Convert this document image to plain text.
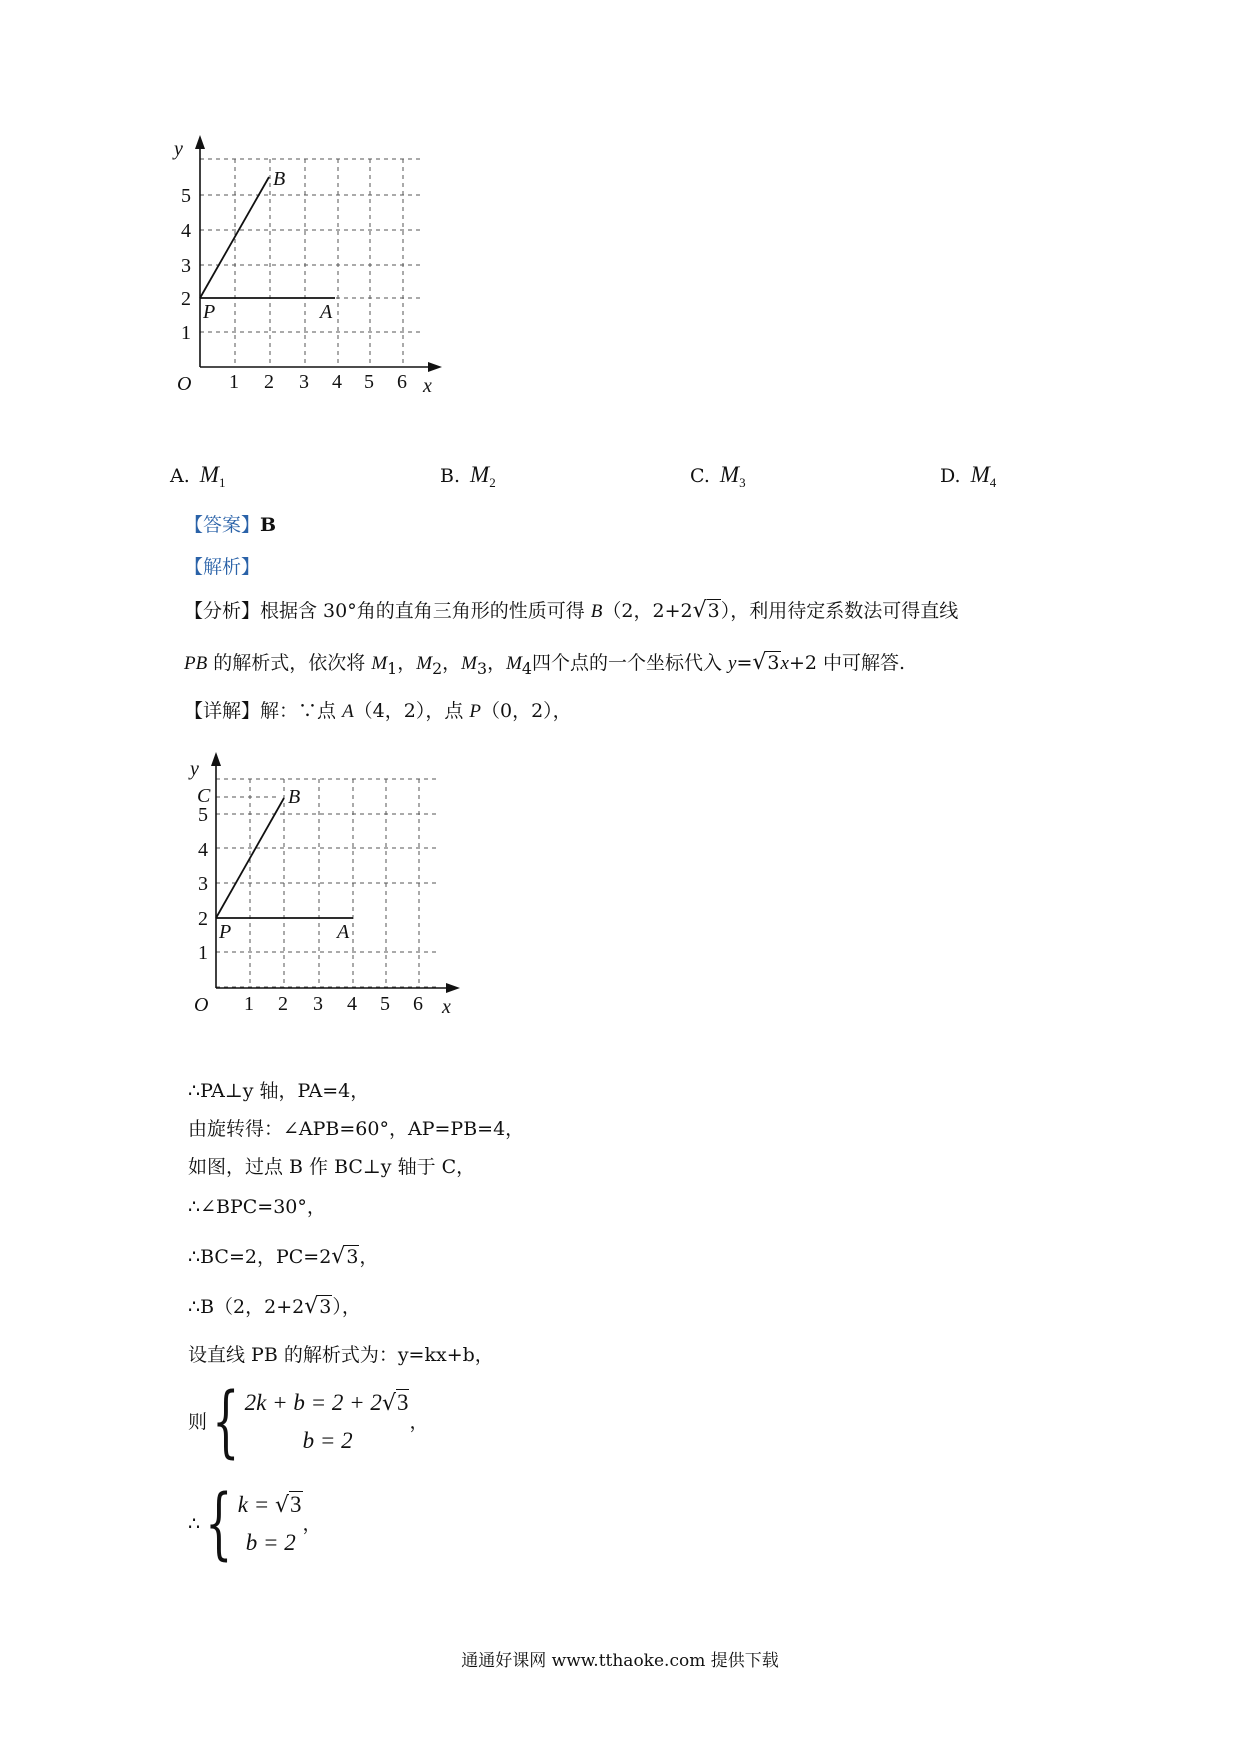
y
x
O 1 2 3 4 5 6
1
2
3
4
5
P	A
B
A. $M_1$	B. $M_2$	C. $M_3$	D. $M_4$
【答案】B
【解析】
【分析】根据含 30°角的直角三角形的性质可得 B（2，2+2√3），利用待定系数法可得直线
PB 的解析式，依次将 $M_1$，$M_2$，$M_3$，$M_4$四个点的一个坐标代入 y=√3x+2 中可解答.
【详解】解：∵点 A（4，2），点 P（0，2），
y
x
O 1 2 3 4 5 6
1
2
3
4
5
C
P	A
B
∴PA⊥y 轴，PA=4，
由旋转得：∠APB=60°，AP=PB=4，
如图，过点 B 作 BC⊥y 轴于 C，
∴∠BPC=30°，
∴BC=2，PC=2√3，
∴B（2，2+2√3），
设直线 PB 的解析式为：y=kx+b，
则 { 2k + b = 2 + 2√3
b = 2
，
∴ { k = √3
b = 2
，
通通好课网 www.tthaoke.com 提供下载
